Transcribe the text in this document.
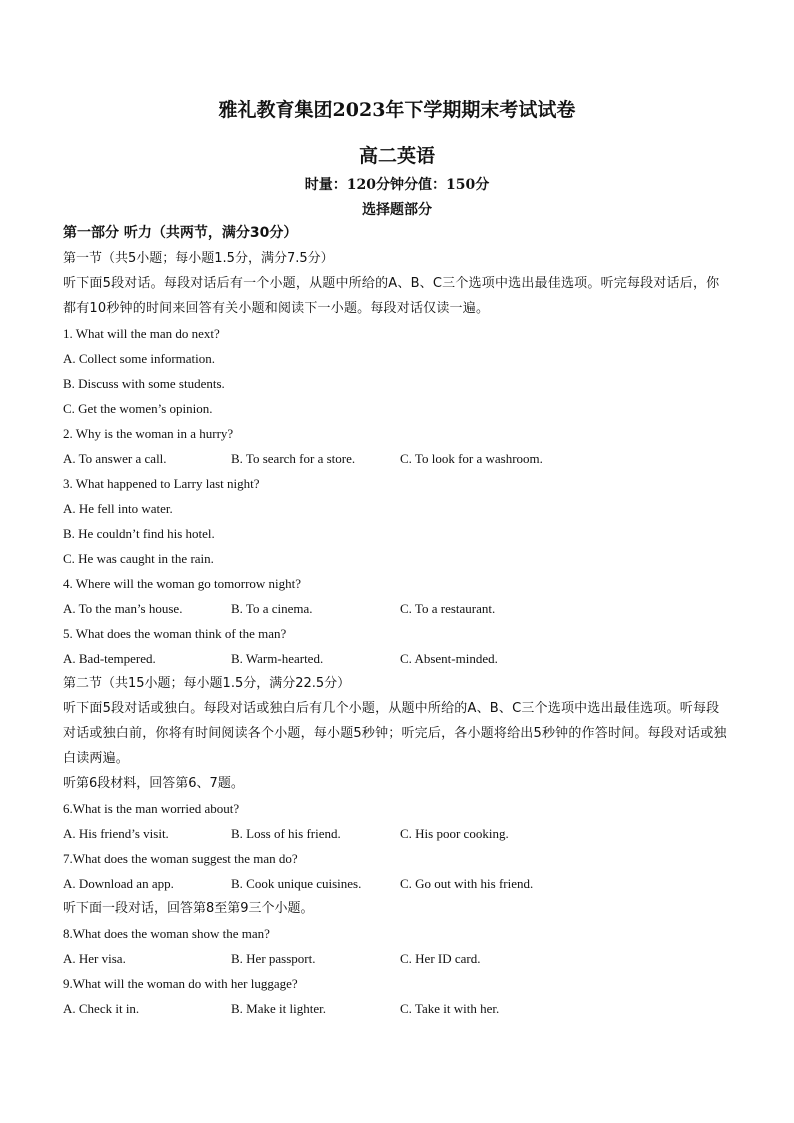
雅礼教育集团2023年下学期期末考试试卷
高二英语
时量：120分钟分值：150分
选择题部分
第一部分 听力（共两节，满分30分）
第一节（共5小题；每小题1.5分，满分7.5分）
听下面5段对话。每段对话后有一个小题，从题中所给的A、B、C三个选项中选出最佳选项。听完每段对话后，你都有10秒钟的时间来回答有关小题和阅读下一小题。每段对话仅读一遍。
1. What will the man do next?
A. Collect some information.
B. Discuss with some students.
C. Get the women’s opinion.
2. Why is the woman in a hurry?
A. To answer a call.	B. To search for a store.	C. To look for a washroom.
3. What happened to Larry last night?
A. He fell into water.
B. He couldn’t find his hotel.
C. He was caught in the rain.
4. Where will the woman go tomorrow night?
A. To the man’s house.	B. To a cinema.	C. To a restaurant.
5. What does the woman think of the man?
A. Bad-tempered.	B. Warm-hearted.	C. Absent-minded.
第二节（共15小题；每小题1.5分，满分22.5分）
听下面5段对话或独白。每段对话或独白后有几个小题，从题中所给的A、B、C三个选项中选出最佳选项。听每段对话或独白前，你将有时间阅读各个小题，每小题5秒钟；听完后，各小题将给出5秒钟的作答时间。每段对话或独白读两遍。
听第6段材料，回答第6、7题。
6.What is the man worried about?
A. His friend’s visit.	B. Loss of his friend.	C. His poor cooking.
7.What does the woman suggest the man do?
A. Download an app.	B. Cook unique cuisines.	C. Go out with his friend.
听下面一段对话，回答第8至第9三个小题。
8.What does the woman show the man?
A. Her visa.	B. Her passport.	C. Her ID card.
9.What will the woman do with her luggage?
A. Check it in.	B. Make it lighter.	C. Take it with her.
